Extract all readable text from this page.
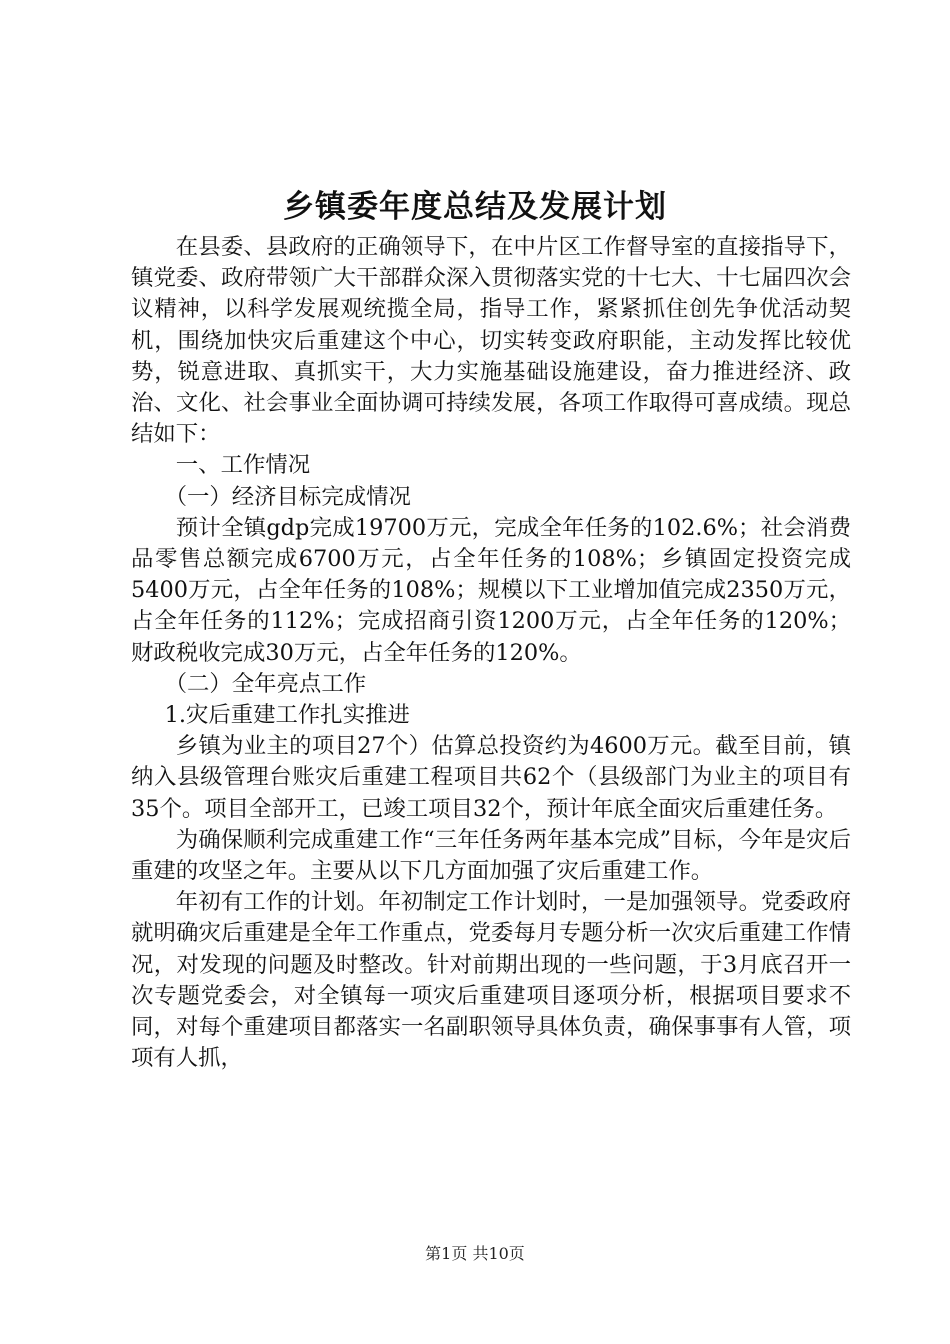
乡镇委年度总结及发展计划

在县委、县政府的正确领导下，在中片区工作督导室的直接指导下，镇党委、政府带领广大干部群众深入贯彻落实党的十七大、十七届四次会议精神，以科学发展观统揽全局，指导工作，紧紧抓住创先争优活动契机，围绕加快灾后重建这个中心，切实转变政府职能，主动发挥比较优势，锐意进取、真抓实干，大力实施基础设施建设，奋力推进经济、政治、文化、社会事业全面协调可持续发展，各项工作取得可喜成绩。现总结如下：

一、工作情况

（一）经济目标完成情况

预计全镇gdp完成19700万元，完成全年任务的102.6%；社会消费品零售总额完成6700万元，占全年任务的108%；乡镇固定投资完成5400万元，占全年任务的108%；规模以下工业增加值完成2350万元，占全年任务的112%；完成招商引资1200万元，占全年任务的120%；财政税收完成30万元，占全年任务的120%。

（二）全年亮点工作

1.灾后重建工作扎实推进

乡镇为业主的项目27个）估算总投资约为4600万元。截至目前，镇纳入县级管理台账灾后重建工程项目共62个（县级部门为业主的项目有35个。项目全部开工，已竣工项目32个，预计年底全面灾后重建任务。

为确保顺利完成重建工作“三年任务两年基本完成”目标，今年是灾后重建的攻坚之年。主要从以下几方面加强了灾后重建工作。

年初有工作的计划。年初制定工作计划时，一是加强领导。党委政府就明确灾后重建是全年工作重点，党委每月专题分析一次灾后重建工作情况，对发现的问题及时整改。针对前期出现的一些问题，于3月底召开一次专题党委会，对全镇每一项灾后重建项目逐项分析，根据项目要求不同，对每个重建项目都落实一名副职领导具体负责，确保事事有人管，项项有人抓，

第1页 共10页
